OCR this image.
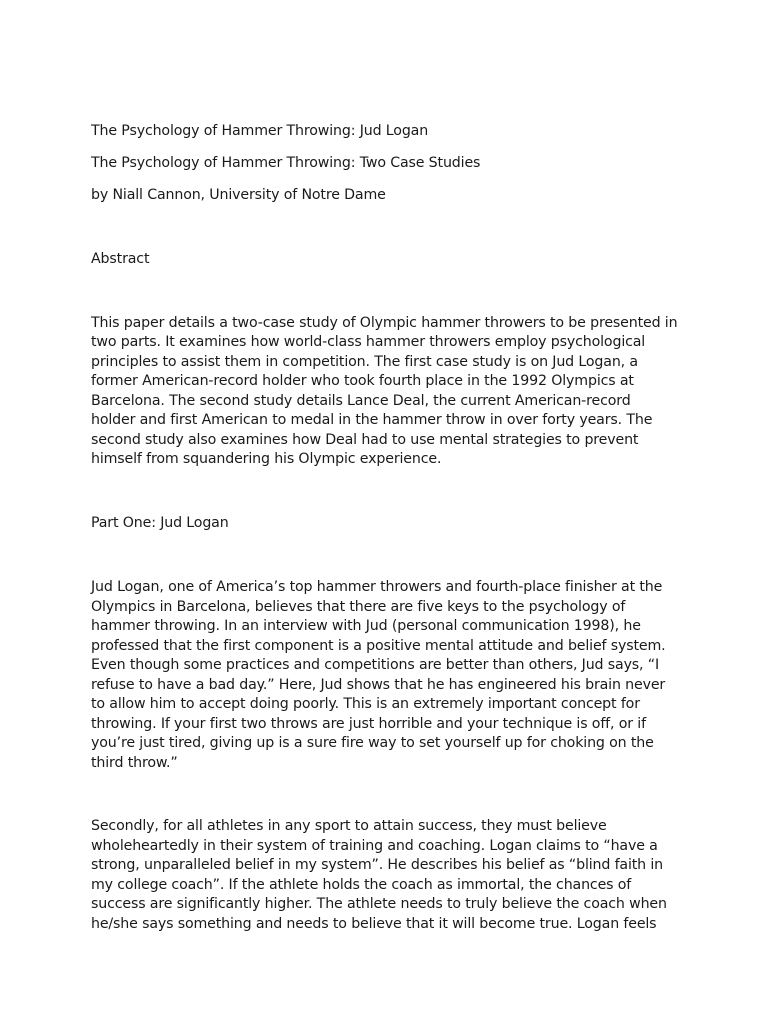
The Psychology of Hammer Throwing: Jud Logan

The Psychology of Hammer Throwing: Two Case Studies

by Niall Cannon, University of Notre Dame

Abstract

This paper details a two-case study of Olympic hammer throwers to be presented in
two parts. It examines how world-class hammer throwers employ psychological
principles to assist them in competition. The first case study is on Jud Logan, a
former American-record holder who took fourth place in the 1992 Olympics at
Barcelona. The second study details Lance Deal, the current American-record
holder and first American to medal in the hammer throw in over forty years. The
second study also examines how Deal had to use mental strategies to prevent
himself from squandering his Olympic experience.

Part One: Jud Logan

Jud Logan, one of America’s top hammer throwers and fourth-place finisher at the
Olympics in Barcelona, believes that there are five keys to the psychology of
hammer throwing. In an interview with Jud (personal communication 1998), he
professed that the first component is a positive mental attitude and belief system.
Even though some practices and competitions are better than others, Jud says, “I
refuse to have a bad day.” Here, Jud shows that he has engineered his brain never
to allow him to accept doing poorly. This is an extremely important concept for
throwing. If your first two throws are just horrible and your technique is off, or if
you’re just tired, giving up is a sure fire way to set yourself up for choking on the
third throw.”

Secondly, for all athletes in any sport to attain success, they must believe
wholeheartedly in their system of training and coaching. Logan claims to “have a
strong, unparalleled belief in my system”. He describes his belief as “blind faith in
my college coach”. If the athlete holds the coach as immortal, the chances of
success are significantly higher. The athlete needs to truly believe the coach when
he/she says something and needs to believe that it will become true. Logan feels
